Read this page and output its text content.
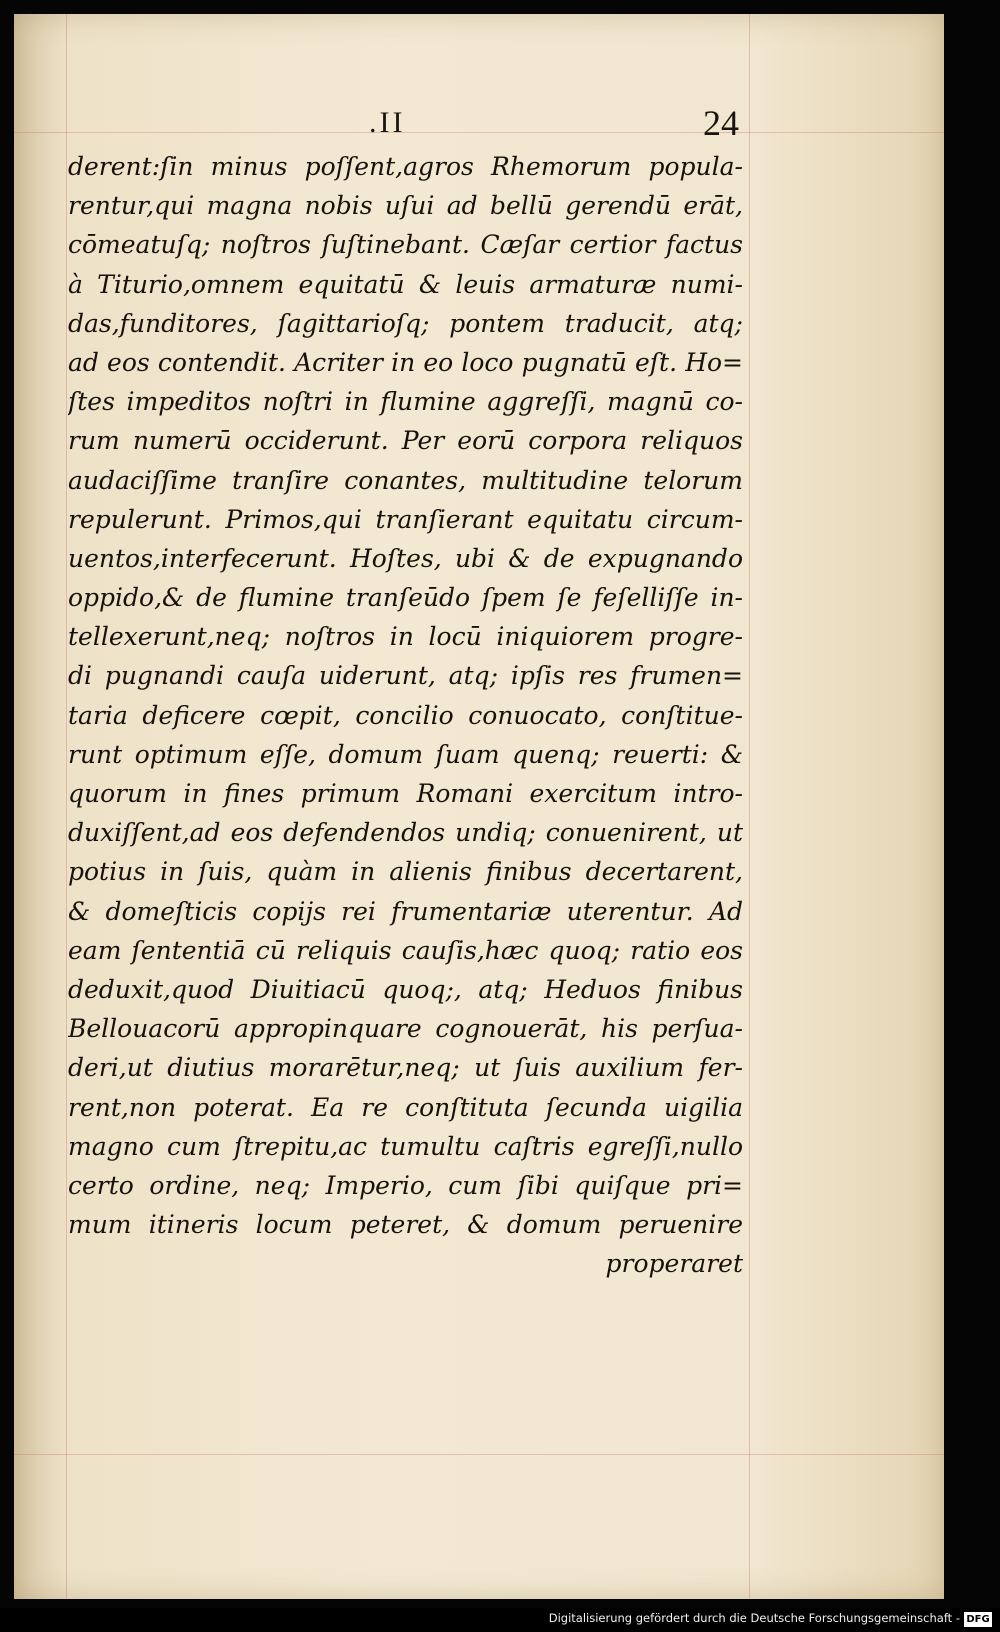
.II	24
derent:ſin minus poſſent,agros Rhemorum popula-
rentur,qui magna nobis uſui ad bellū gerendū erāt,
cōmeatuſq; noſtros ſuſtinebant. Cæſar certior factus
à Titurio,omnem equitatū & leuis armaturæ numi-
das,funditores, ſagittarioſq; pontem traducit, atq;
ad eos contendit. Acriter in eo loco pugnatū eſt. Ho=
ſtes impeditos noſtri in flumine aggreſſi, magnū co-
rum numerū occiderunt. Per eorū corpora reliquos
audaciſſime tranſire conantes, multitudine telorum
repulerunt. Primos,qui tranſierant equitatu circum-
uentos,interfecerunt. Hoſtes, ubi & de expugnando
oppido,& de flumine tranſeūdo ſpem ſe feſelliſſe in-
tellexerunt,neq; noſtros in locū iniquiorem progre-
di pugnandi cauſa uiderunt, atq; ipſis res frumen=
taria deficere cœpit, concilio conuocato, conſtitue-
runt optimum eſſe, domum ſuam quenq; reuerti: &
quorum in fines primum Romani exercitum intro-
duxiſſent,ad eos defendendos undiq; conuenirent, ut
potius in ſuis, quàm in alienis finibus decertarent,
& domeſticis copijs rei frumentariæ uterentur. Ad
eam ſententiā cū reliquis cauſis,hæc quoq; ratio eos
deduxit,quod Diuitiacū quoq;, atq; Heduos finibus
Bellouacorū appropinquare cognouerāt, his perſua-
deri,ut diutius morarētur,neq; ut ſuis auxilium fer-
rent,non poterat. Ea re conſtituta ſecunda uigilia
magno cum ſtrepitu,ac tumultu caſtris egreſſi,nullo
certo ordine, neq; Imperio, cum ſibi quiſque pri=
mum itineris locum peteret, & domum peruenire
properaret
Digitalisierung gefördert durch die Deutsche Forschungsgemeinschaft - DFG
